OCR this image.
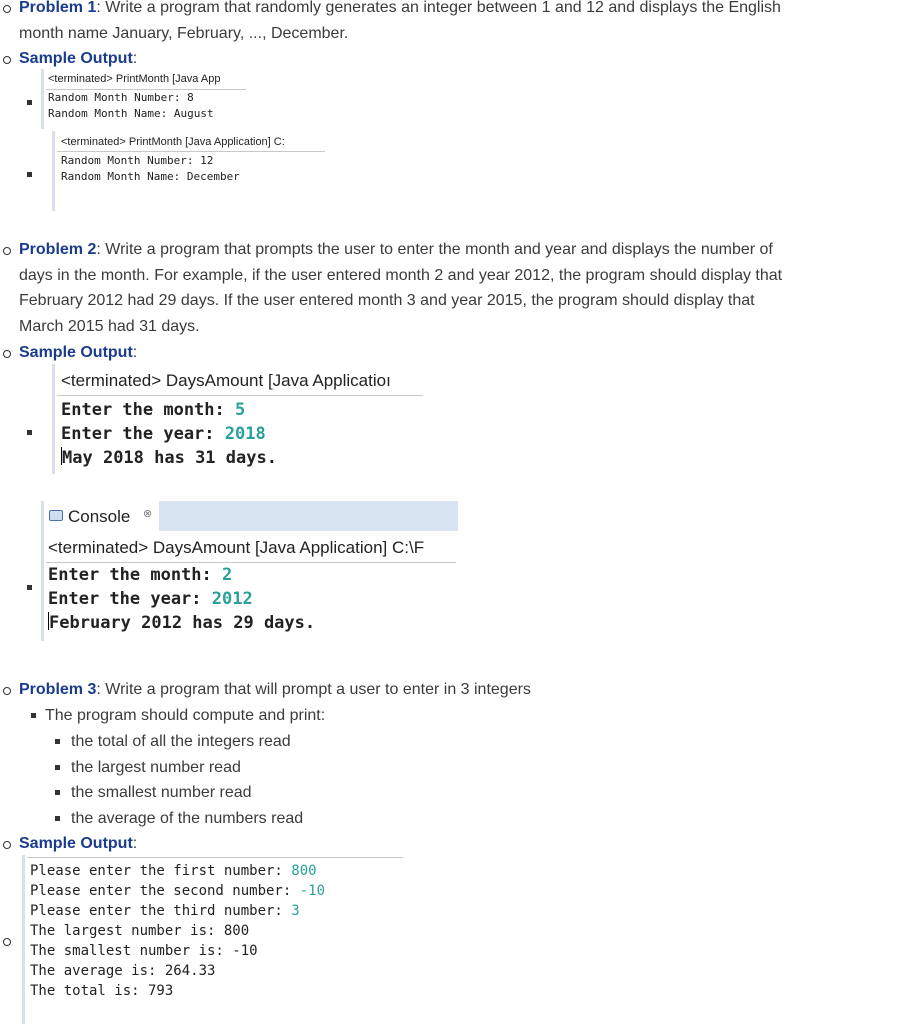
Problem 1: Write a program that randomly generates an integer between 1 and 12 and displays the English
month name January, February, ..., December.
Sample Output:
<terminated> PrintMonth [Java App
Random Month Number: 8
Random Month Name: August
<terminated> PrintMonth [Java Application] C:
Random Month Number: 12
Random Month Name: December
Problem 2: Write a program that prompts the user to enter the month and year and displays the number of
days in the month. For example, if the user entered month 2 and year 2012, the program should display that
February 2012 had 29 days. If the user entered month 3 and year 2015, the program should display that
March 2015 had 31 days.
Sample Output:
<terminated> DaysAmount [Java Applicatioı
Enter the month: 5
Enter the year: 2018
May 2018 has 31 days.
Console ⊗
<terminated> DaysAmount [Java Application] C:\F
Enter the month: 2
Enter the year: 2012
February 2012 has 29 days.
Problem 3: Write a program that will prompt a user to enter in 3 integers
The program should compute and print:
the total of all the integers read
the largest number read
the smallest number read
the average of the numbers read
Sample Output:
Please enter the first number: 800
Please enter the second number: -10
Please enter the third number: 3
The largest number is: 800
The smallest number is: -10
The average is: 264.33
The total is: 793
